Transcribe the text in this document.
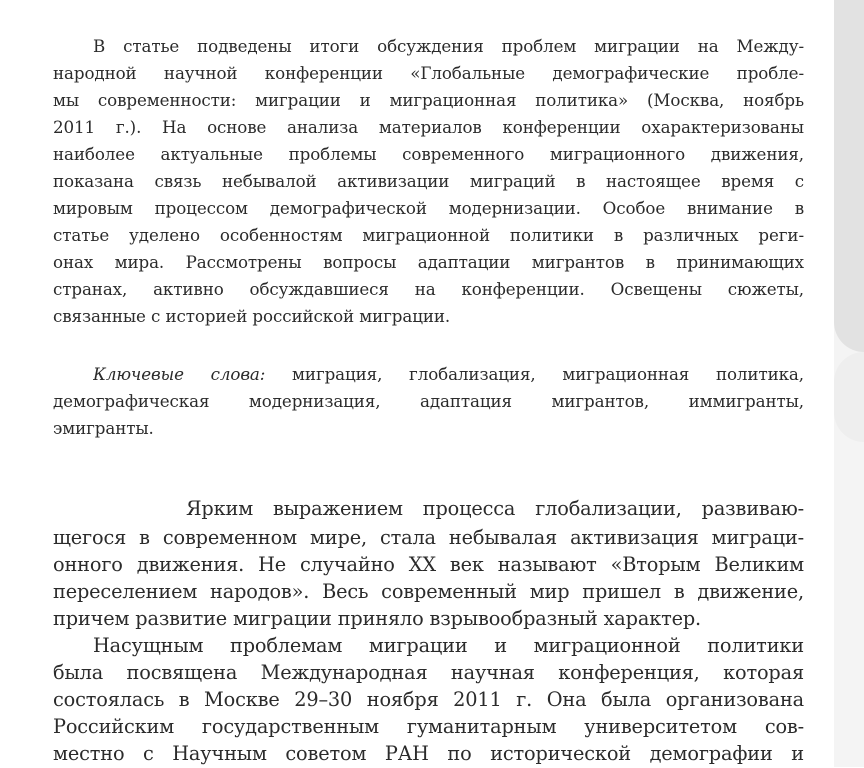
В статье подведены итоги обсуждения проблем миграции на Между-
народной научной конференции «Глобальные демографические пробле-
мы современности: миграции и миграционная политика» (Москва, ноябрь
2011 г.). На основе анализа материалов конференции охарактеризованы
наиболее актуальные проблемы современного миграционного движения,
показана связь небывалой активизации миграций в настоящее время с
мировым процессом демографической модернизации. Особое внимание в
статье уделено особенностям миграционной политики в различных реги-
онах мира. Рассмотрены вопросы адаптации мигрантов в принимающих
странах, активно обсуждавшиеся на конференции. Освещены сюжеты,
связанные с историей российской миграции.
Ключевые слова: миграция, глобализация, миграционная политика,
демографическая модернизация, адаптация мигрантов, иммигранты,
эмигранты.
Ярким выражением процесса глобализации, развиваю-
щегося в современном мире, стала небывалая активизация миграци-
онного движения. Не случайно XX век называют «Вторым Великим
переселением народов». Весь современный мир пришел в движение,
причем развитие миграции приняло взрывообразный характер.
Насущным проблемам миграции и миграционной политики
была посвящена Международная научная конференция, которая
состоялась в Москве 29–30 ноября 2011 г. Она была организована
Российским государственным гуманитарным университетом сов-
местно с Научным советом РАН по исторической демографии и
